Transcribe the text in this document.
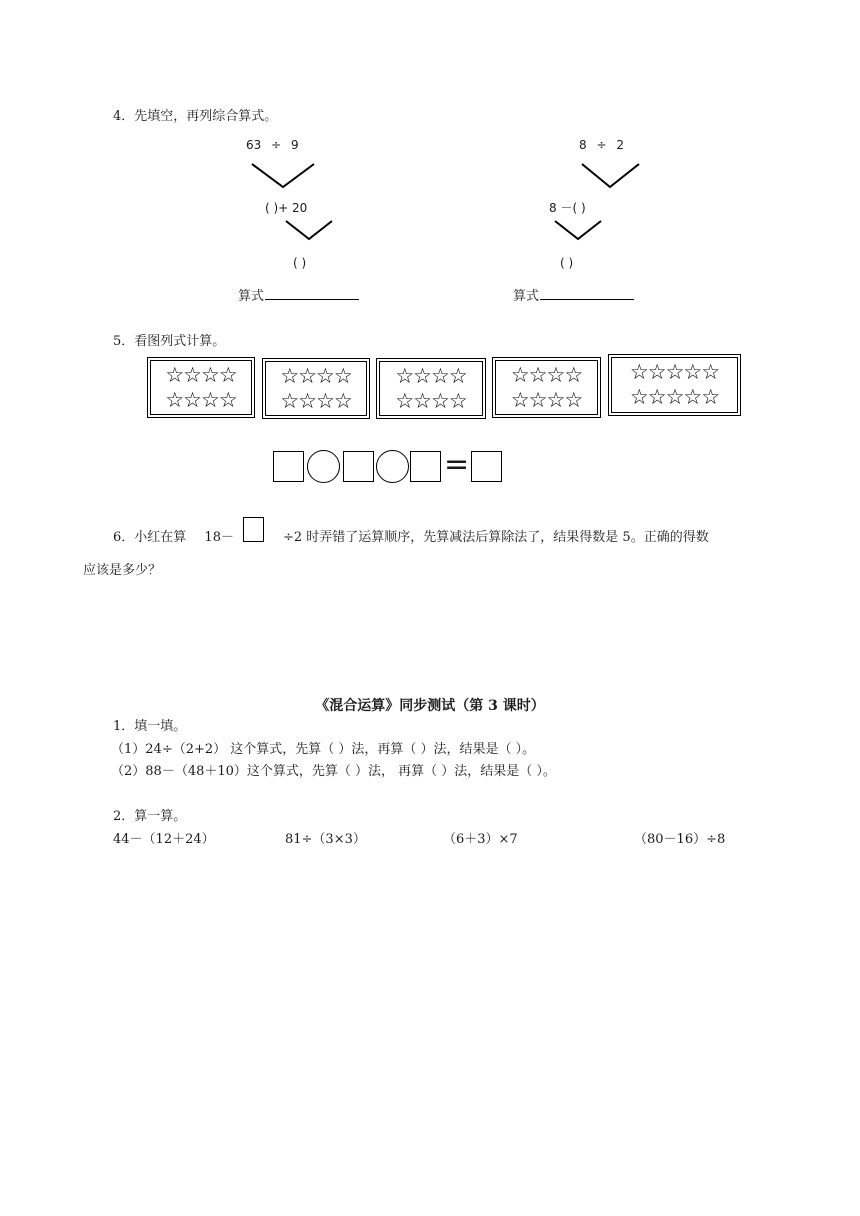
4．先填空，再列综合算式。
63 ÷ 9
( )+ 20
( )
算式
8 ÷ 2
8 －( )
( )
算式
5．看图列式计算。
☆☆☆☆
☆☆☆☆
☆☆☆☆
☆☆☆☆
☆☆☆☆
☆☆☆☆
☆☆☆☆
☆☆☆☆
☆☆☆☆☆
☆☆☆☆☆
=
6．小红在算 18－	÷2 时弄错了运算顺序，先算减法后算除法了，结果得数是 5。正确的得数
应该是多少？
《混合运算》同步测试（第 3 课时）
1．填一填。
（1）24÷（2+2） 这个算式，先算（ ）法，再算（ ）法，结果是（ ）。
（2）88－（48＋10）这个算式，先算（ ）法， 再算（ ）法，结果是（ ）。
2．算一算。
44－（12＋24）	81÷（3×3）	（6＋3）×7	（80－16）÷8
